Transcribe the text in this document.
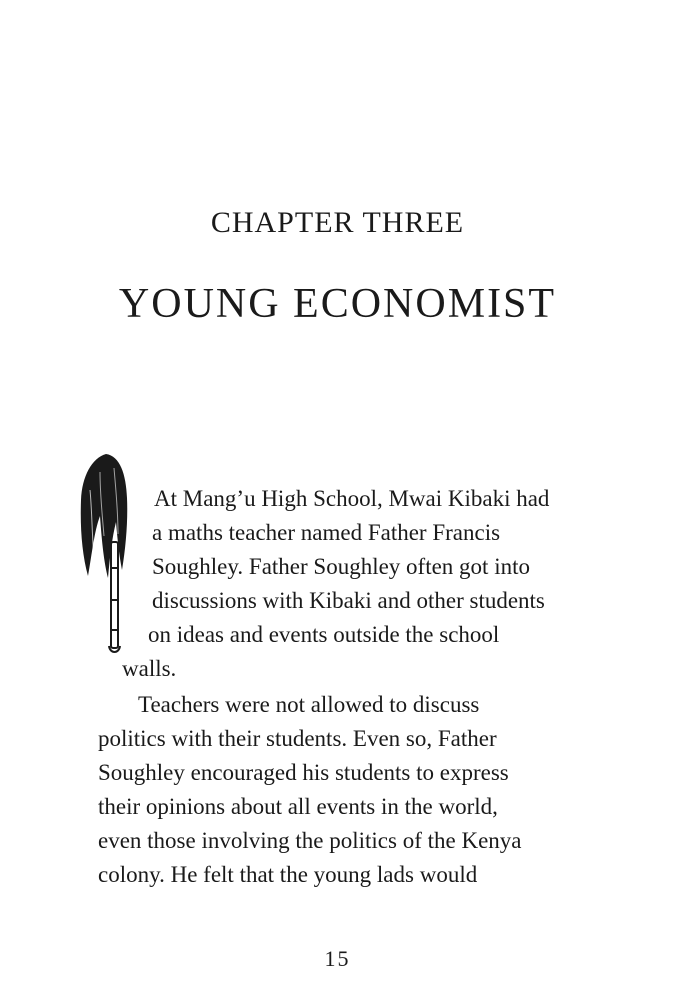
CHAPTER THREE
YOUNG ECONOMIST
At Mang’u High School, Mwai Kibaki had
a maths teacher named Father Francis
Soughley. Father Soughley often got into
discussions with Kibaki and other students
on ideas and events outside the school
walls.
Teachers were not allowed to discuss
politics with their students. Even so, Father
Soughley encouraged his students to express
their opinions about all events in the world,
even those involving the politics of the Kenya
colony. He felt that the young lads would
15
